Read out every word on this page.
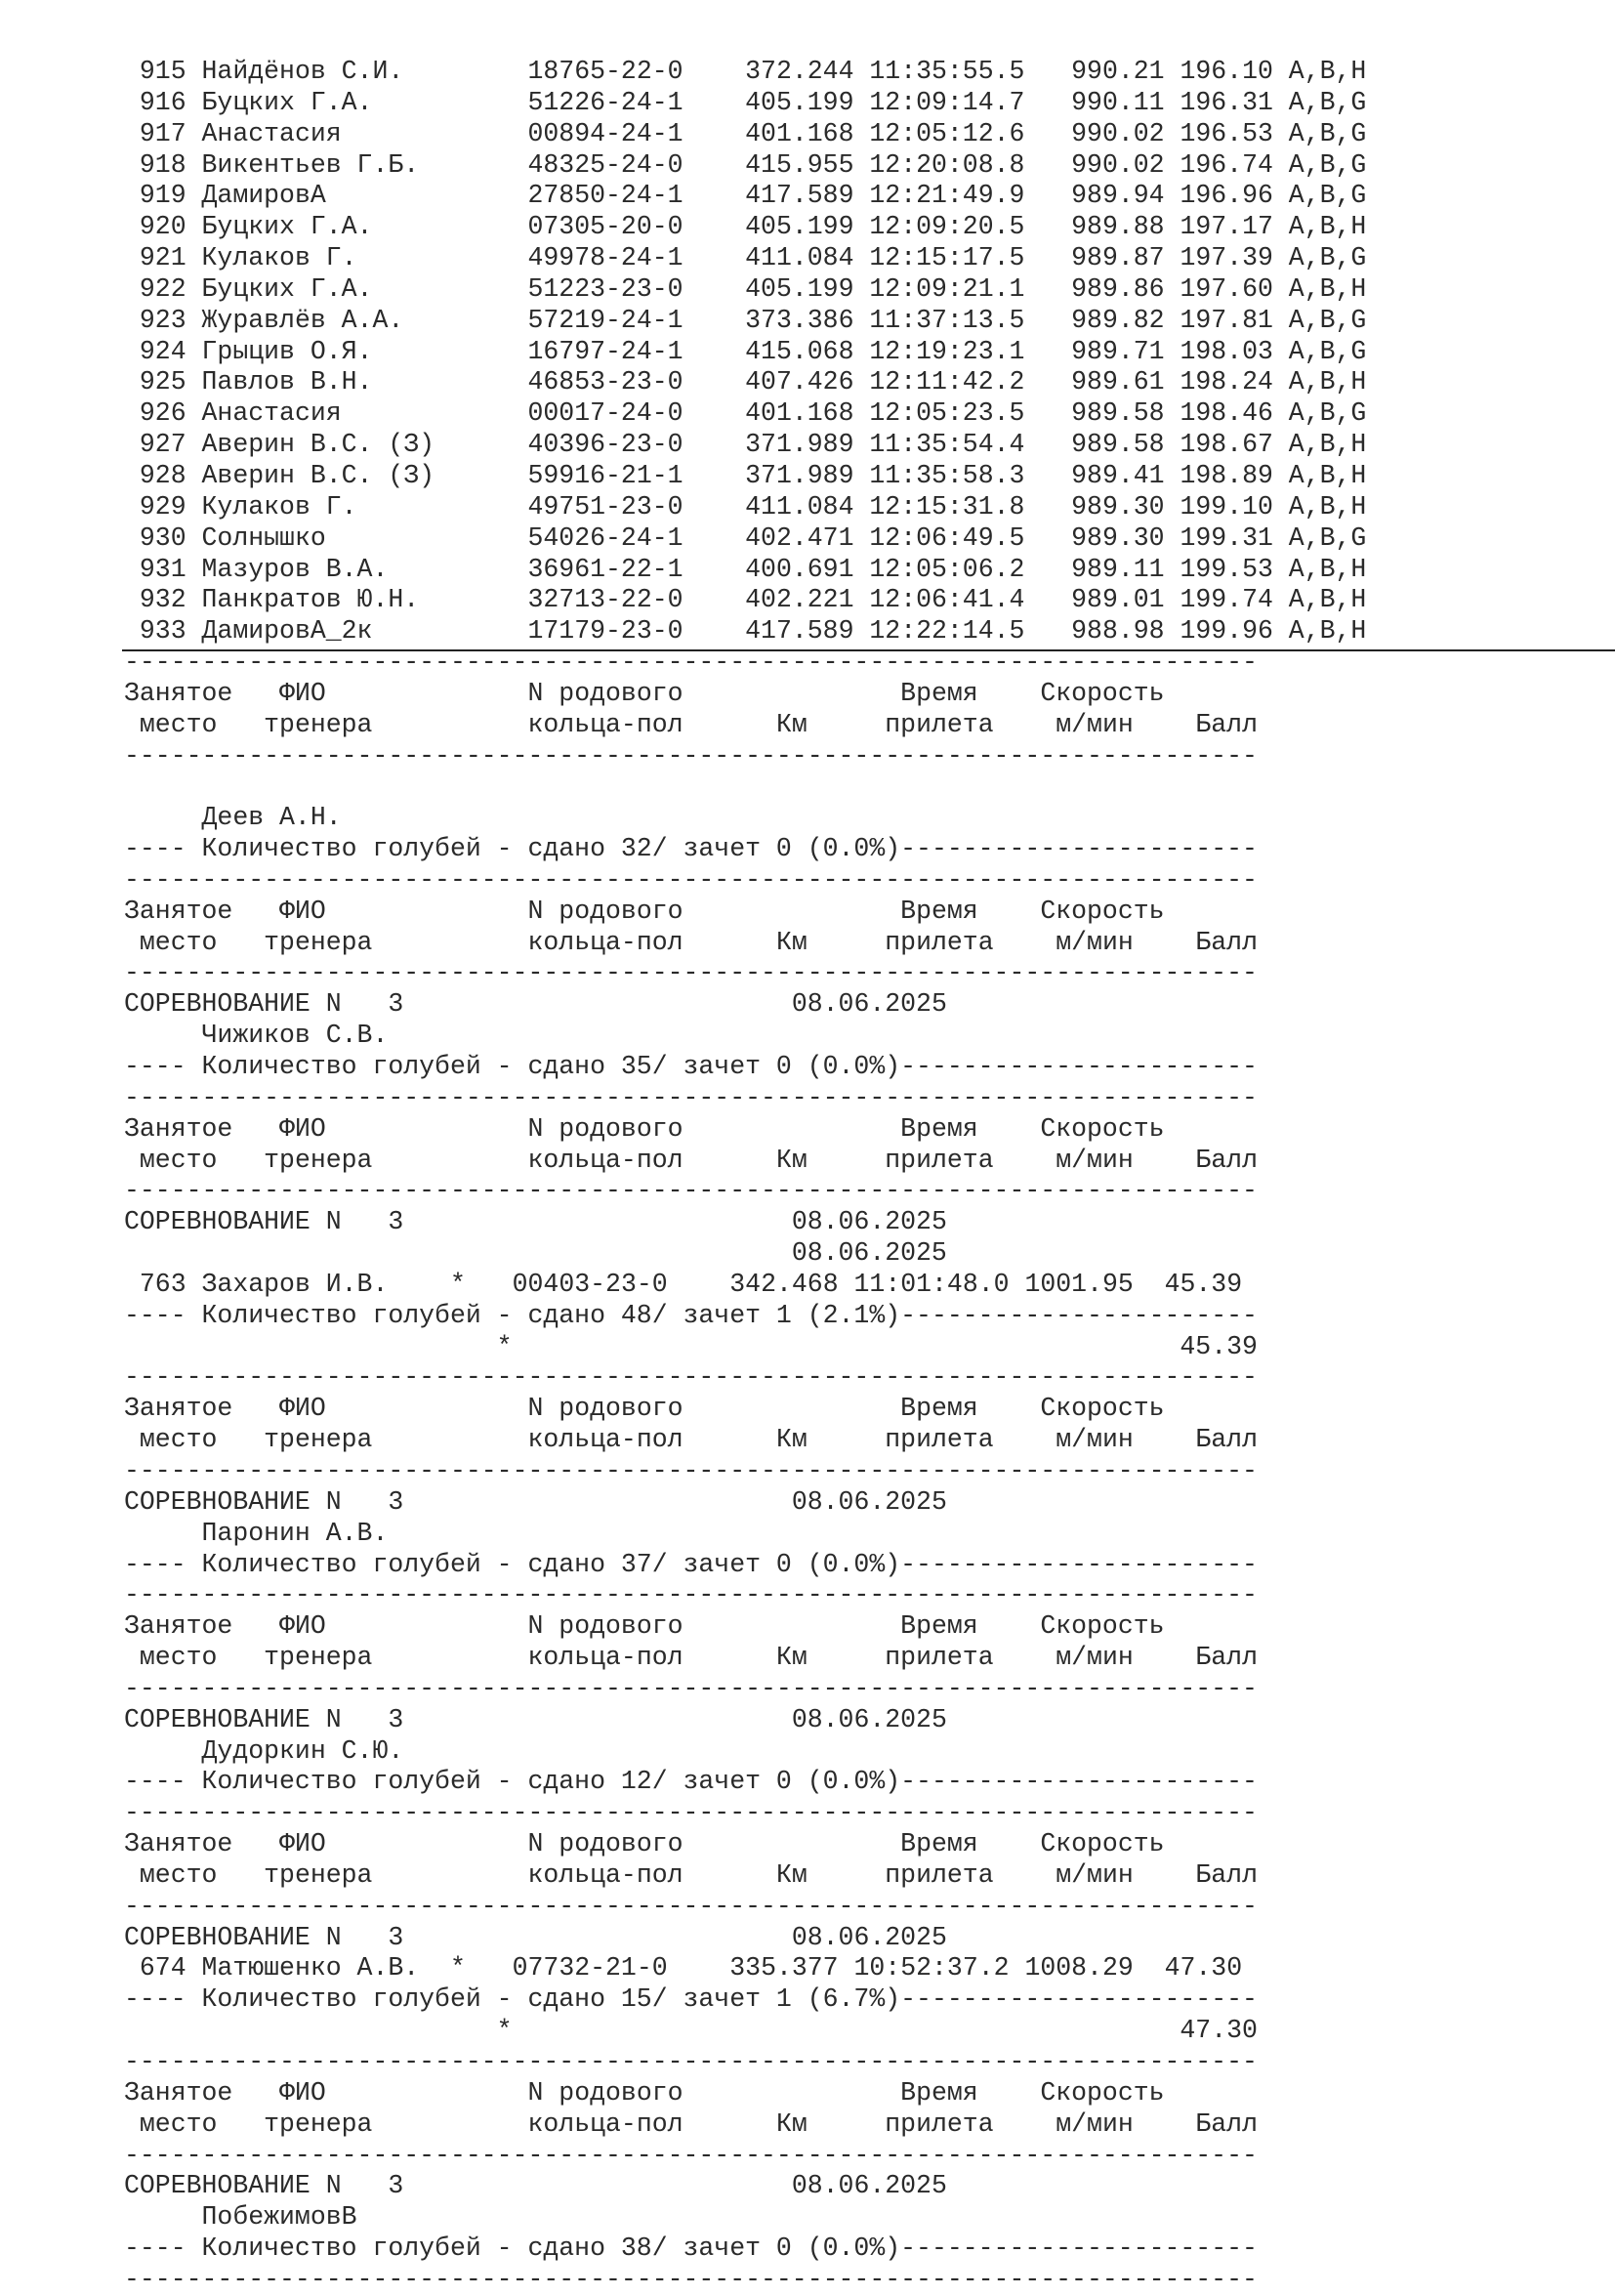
915 Найдёнов С.И.	18765-22-0 372.244 11:35:55.5 990.21 196.10 A,B,H
916 Буцких Г.А.	51226-24-1 405.199 12:09:14.7 990.11 196.31 A,B,G
917 Анастасия	00894-24-1 401.168 12:05:12.6 990.02 196.53 A,B,G
918 Викентьев Г.Б.	48325-24-0 415.955 12:20:08.8 990.02 196.74 A,B,G
919 ДамировА	27850-24-1 417.589 12:21:49.9 989.94 196.96 A,B,G
920 Буцких Г.А.	07305-20-0 405.199 12:09:20.5 989.88 197.17 A,B,H
921 Кулаков Г.	49978-24-1 411.084 12:15:17.5 989.87 197.39 A,B,G
922 Буцких Г.А.	51223-23-0 405.199 12:09:21.1 989.86 197.60 A,B,H
923 Журавлёв А.А.	57219-24-1 373.386 11:37:13.5 989.82 197.81 A,B,G
924 Грыцив О.Я.	16797-24-1 415.068 12:19:23.1 989.71 198.03 A,B,G
925 Павлов В.Н.	46853-23-0 407.426 12:11:42.2 989.61 198.24 A,B,H
926 Анастасия	00017-24-0 401.168 12:05:23.5 989.58 198.46 A,B,G
927 Аверин В.С. (З)	40396-23-0 371.989 11:35:54.4 989.58 198.67 A,B,H
928 Аверин В.С. (З)	59916-21-1 371.989 11:35:58.3 989.41 198.89 A,B,H
929 Кулаков Г.	49751-23-0 411.084 12:15:31.8 989.30 199.10 A,B,H
930 Солнышко	54026-24-1 402.471 12:06:49.5 989.30 199.31 A,B,G
931 Мазуров В.А.	36961-22-1 400.691 12:05:06.2 989.11 199.53 A,B,H
932 Панкратов Ю.Н.	32713-22-0 402.221 12:06:41.4 989.01 199.74 A,B,H
933 ДамировА_2к	17179-23-0 417.589 12:22:14.5 988.98 199.96 A,B,H
-------------------------------------------------------------------------
Занятое ФИО	N родового	Время Скорость
место тренера	кольца-пол	Км	прилета м/мин Балл
-------------------------------------------------------------------------

Деев А.Н.
---- Количество голубей - сдано 32/ зачет 0 (0.0%)-----------------------
-------------------------------------------------------------------------
Занятое ФИО	N родового	Время Скорость
место тренера	кольца-пол	Км	прилета м/мин Балл
-------------------------------------------------------------------------
СОРЕВНОВАНИЕ N   3	08.06.2025
Чижиков С.В.
---- Количество голубей - сдано 35/ зачет 0 (0.0%)-----------------------
-------------------------------------------------------------------------
Занятое ФИО	N родового	Время Скорость
место тренера	кольца-пол	Км	прилета м/мин Балл
-------------------------------------------------------------------------
СОРЕВНОВАНИЕ N   3	08.06.2025
08.06.2025
763 Захаров И.В. * 00403-23-0 342.468 11:01:48.0 1001.95 45.39
---- Количество голубей - сдано 48/ зачет 1 (2.1%)-----------------------
*	45.39
-------------------------------------------------------------------------
Занятое ФИО	N родового	Время Скорость
место тренера	кольца-пол	Км	прилета м/мин Балл
-------------------------------------------------------------------------
СОРЕВНОВАНИЕ N   3	08.06.2025
Паронин А.В.
---- Количество голубей - сдано 37/ зачет 0 (0.0%)-----------------------
-------------------------------------------------------------------------
Занятое ФИО	N родового	Время Скорость
место тренера	кольца-пол	Км	прилета м/мин Балл
-------------------------------------------------------------------------
СОРЕВНОВАНИЕ N   3	08.06.2025
Дудоркин С.Ю.
---- Количество голубей - сдано 12/ зачет 0 (0.0%)-----------------------
-------------------------------------------------------------------------
Занятое ФИО	N родового	Время Скорость
место тренера	кольца-пол	Км	прилета м/мин Балл
-------------------------------------------------------------------------
СОРЕВНОВАНИЕ N   3	08.06.2025
674 Матюшенко А.В. * 07732-21-0 335.377 10:52:37.2 1008.29 47.30
---- Количество голубей - сдано 15/ зачет 1 (6.7%)-----------------------
*	47.30
-------------------------------------------------------------------------
Занятое ФИО	N родового	Время Скорость
место тренера	кольца-пол	Км	прилета м/мин Балл
-------------------------------------------------------------------------
СОРЕВНОВАНИЕ N   3	08.06.2025
ПобежимовВ
---- Количество голубей - сдано 38/ зачет 0 (0.0%)-----------------------
-------------------------------------------------------------------------
